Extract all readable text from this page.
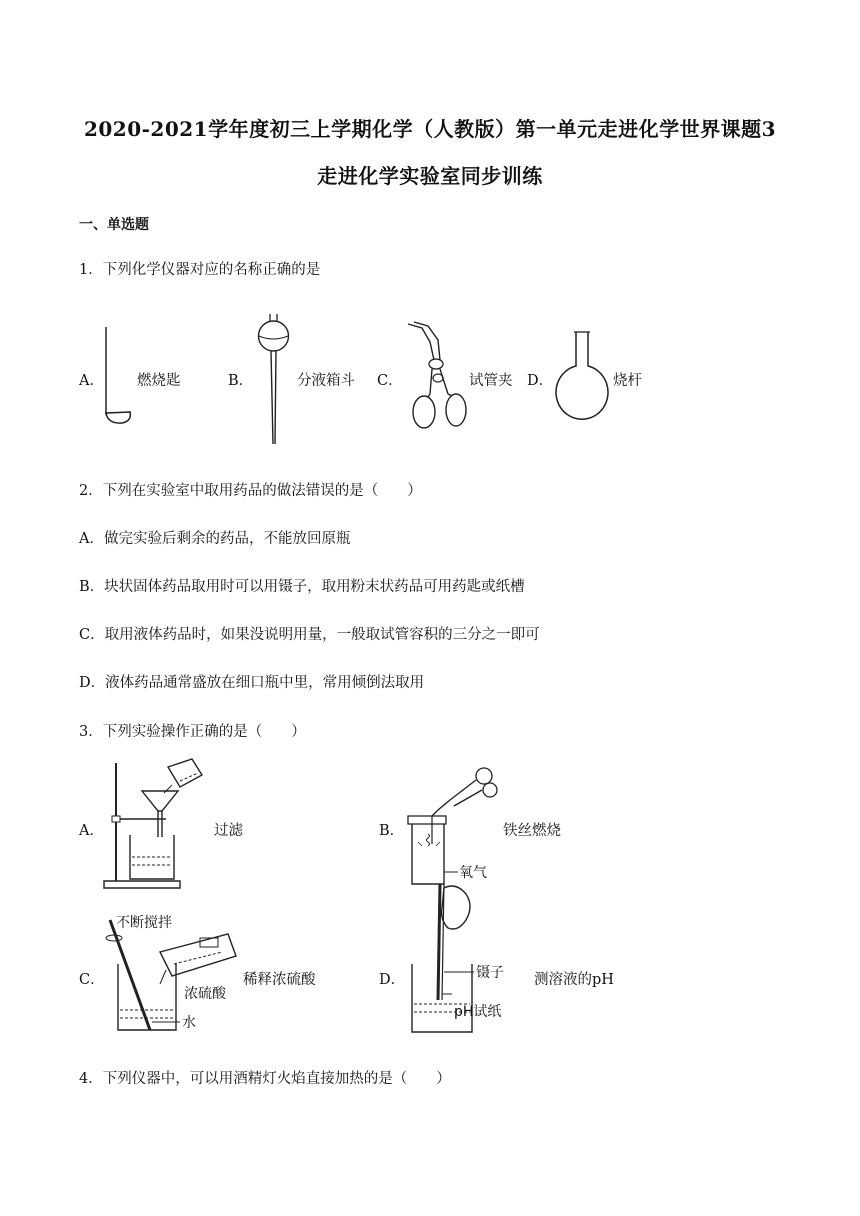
2020-2021学年度初三上学期化学（人教版）第一单元走进化学世界课题3
走进化学实验室同步训练
一、单选题
1．下列化学仪器对应的名称正确的是
A． 燃烧匙	B．	分液箱斗 C．	试管夹 D．	烧杆
2．下列在实验室中取用药品的做法错误的是（　　）
A．做完实验后剩余的药品，不能放回原瓶
B．块状固体药品取用时可以用镊子，取用粉末状药品可用药匙或纸槽
C．取用液体药品时，如果没说明用量，一般取试管容积的三分之一即可
D．液体药品通常盛放在细口瓶中里，常用倾倒法取用
3．下列实验操作正确的是（　　）
A．	过滤	B．
氧气
铁丝燃烧
C．
不断搅拌
浓硫酸
水
稀释浓硫酸	D．	镊子
pH试纸
测溶液的pH
4．下列仪器中，可以用酒精灯火焰直接加热的是（　　）
